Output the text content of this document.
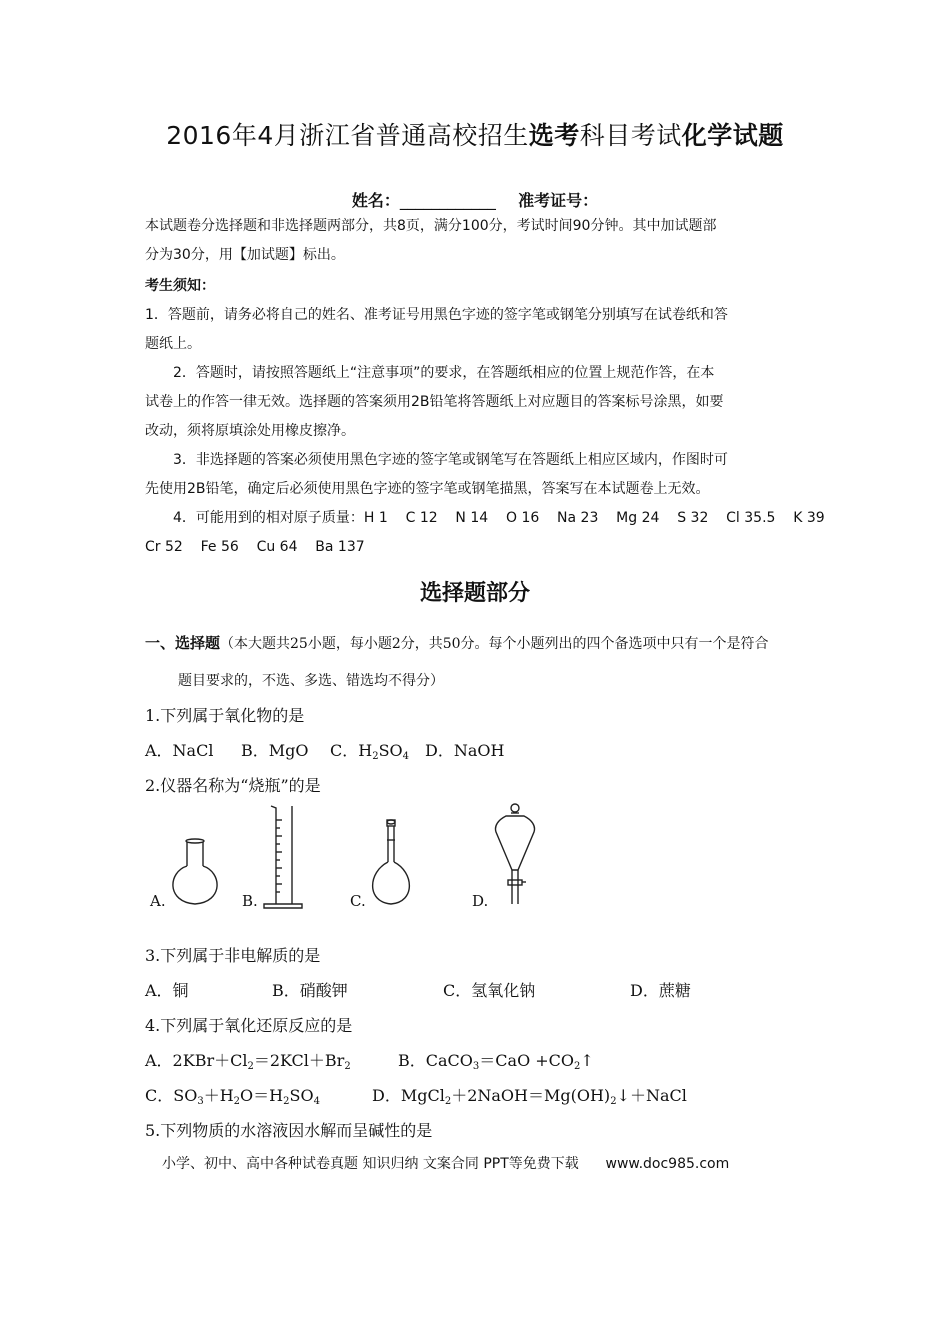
2016年4月浙江省普通高校招生选考科目考试化学试题
姓名：____________ 准考证号：
本试题卷分选择题和非选择题两部分，共8页，满分100分，考试时间90分钟。其中加试题部
分为30分，用【加试题】标出。
考生须知：
1．答题前，请务必将自己的姓名、准考证号用黑色字迹的签字笔或钢笔分别填写在试卷纸和答
题纸上。
2．答题时，请按照答题纸上“注意事项”的要求，在答题纸相应的位置上规范作答，在本
试卷上的作答一律无效。选择题的答案须用2B铅笔将答题纸上对应题目的答案标号涂黑，如要
改动，须将原填涂处用橡皮擦净。
3．非选择题的答案必须使用黑色字迹的签字笔或钢笔写在答题纸上相应区域内，作图时可
先使用2B铅笔，确定后必须使用黑色字迹的签字笔或钢笔描黑，答案写在本试题卷上无效。
4．可能用到的相对原子质量：H 1    C 12    N 14    O 16    Na 23    Mg 24    S 32    Cl 35.5    K 39
Cr 52    Fe 56    Cu 64    Ba 137
选择题部分
一、选择题（本大题共25小题，每小题2分，共50分。每个小题列出的四个备选项中只有一个是符合
题目要求的，不选、多选、错选均不得分）
1.下列属于氧化物的是
A．NaCl B．MgO C．$H_2SO_4$ D．NaOH
2.仪器名称为“烧瓶”的是
A.	B.	C.	D.
3.下列属于非电解质的是
A．铜	B．硝酸钾	C．氢氧化钠	D．蔗糖
4.下列属于氧化还原反应的是
A．$2KBr+Cl_2=2KCl+Br_2$	B．CaCO$_3$＝CaO $+CO_2↑$
C．$SO_3+H_2O=H_2SO_4$	D．$MgCl_2+2NaOH=Mg(OH)_2↓+NaCl$
5.下列物质的水溶液因水解而呈碱性的是
小学、初中、高中各种试卷真题 知识归纳 文案合同 PPT等免费下载 www.doc985.com
